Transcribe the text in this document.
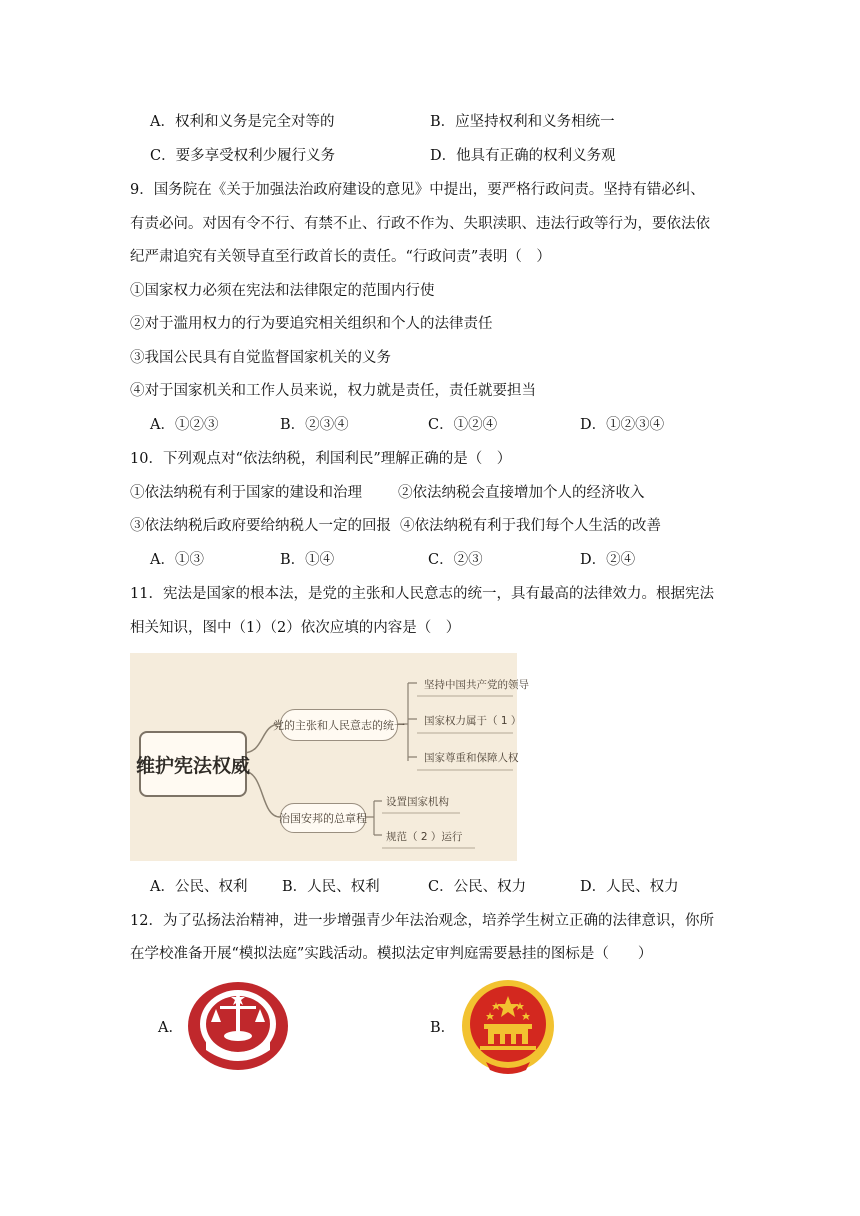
A．权利和义务是完全对等的	B．应坚持权利和义务相统一
C．要多享受权利少履行义务	D．他具有正确的权利义务观
9．国务院在《关于加强法治政府建设的意见》中提出，要严格行政问责。坚持有错必纠、
有责必问。对因有令不行、有禁不止、行政不作为、失职渎职、违法行政等行为，要依法依
纪严肃追究有关领导直至行政首长的责任。“行政问责”表明（　）
①国家权力必须在宪法和法律限定的范围内行使
②对于滥用权力的行为要追究相关组织和个人的法律责任
③我国公民具有自觉监督国家机关的义务
④对于国家机关和工作人员来说，权力就是责任，责任就要担当
A．①②③	B．②③④	C．①②④	D．①②③④
10．下列观点对“依法纳税，利国利民”理解正确的是（　）
①依法纳税有利于国家的建设和治理 ②依法纳税会直接增加个人的经济收入
③依法纳税后政府要给纳税人一定的回报 ④依法纳税有利于我们每个人生活的改善
A．①③	B．①④	C．②③	D．②④
11．宪法是国家的根本法，是党的主张和人民意志的统一，具有最高的法律效力。根据宪法
相关知识，图中（1）（2）依次应填的内容是（　）
维护宪法权威
党的主张和人民意志的统一
治国安邦的总章程
坚持中国共产党的领导
国家权力属于（ 1 ）
国家尊重和保障人权
设置国家机构
规范（ 2 ）运行
A．公民、权利 B．人民、权利	C．公民、权力	D．人民、权力
12．为了弘扬法治精神，进一步增强青少年法治观念，培养学生树立正确的法律意识，你所
在学校准备开展“模拟法庭”实践活动。模拟法定审判庭需要悬挂的图标是（　　）
A．	B．
